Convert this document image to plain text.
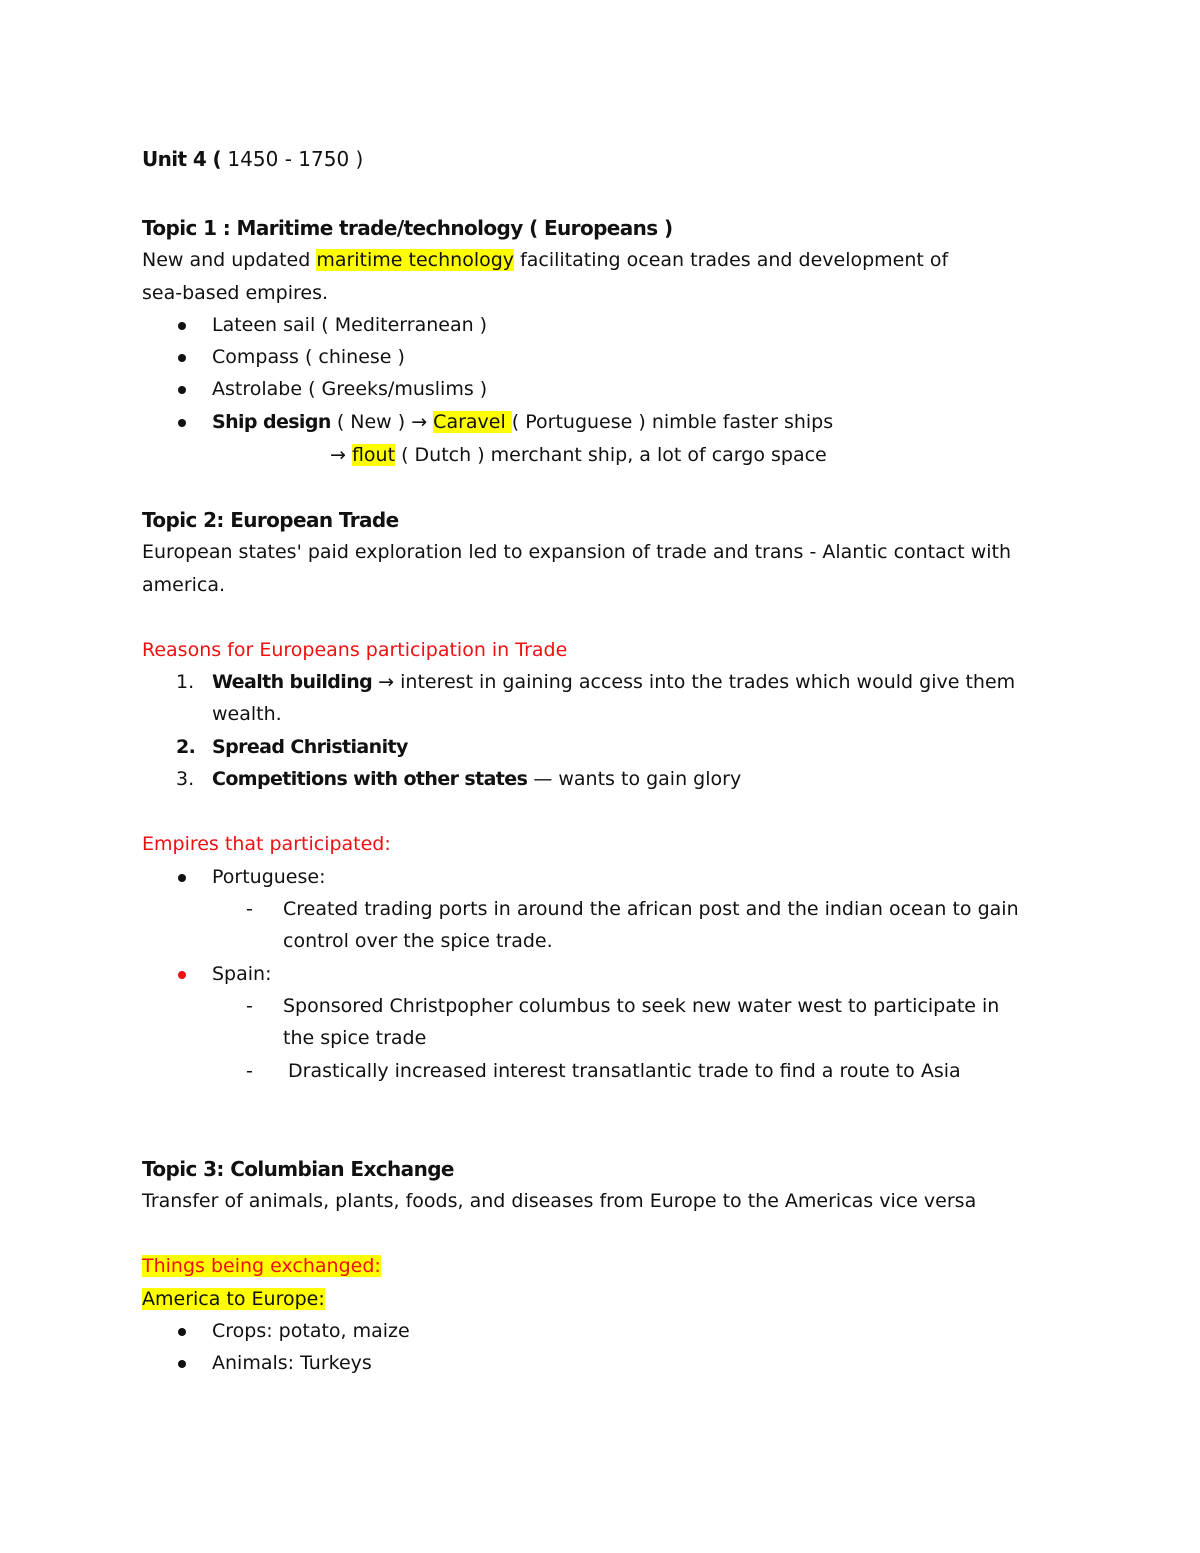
Unit 4 ( 1450 - 1750 )
Topic 1 : Maritime trade/technology ( Europeans )
New and updated maritime technology facilitating ocean trades and development of
sea-based empires.
Lateen sail ( Mediterranean )
Compass ( chinese )
Astrolabe ( Greeks/muslims )
Ship design ( New ) → Caravel ( Portuguese ) nimble faster ships
→ flout ( Dutch ) merchant ship, a lot of cargo space
Topic 2: European Trade
European states' paid exploration led to expansion of trade and trans - Alantic contact with
america.
Reasons for Europeans participation in Trade
1. Wealth building → interest in gaining access into the trades which would give them
wealth.
2. Spread Christianity
3. Competitions with other states — wants to gain glory
Empires that participated:
Portuguese:
- Created trading ports in around the african post and the indian ocean to gain
control over the spice trade.
Spain:
- Sponsored Christpopher columbus to seek new water west to participate in
the spice trade
- Drastically increased interest transatlantic trade to find a route to Asia
Topic 3: Columbian Exchange
Transfer of animals, plants, foods, and diseases from Europe to the Americas vice versa
Things being exchanged:
America to Europe:
Crops: potato, maize
Animals: Turkeys
